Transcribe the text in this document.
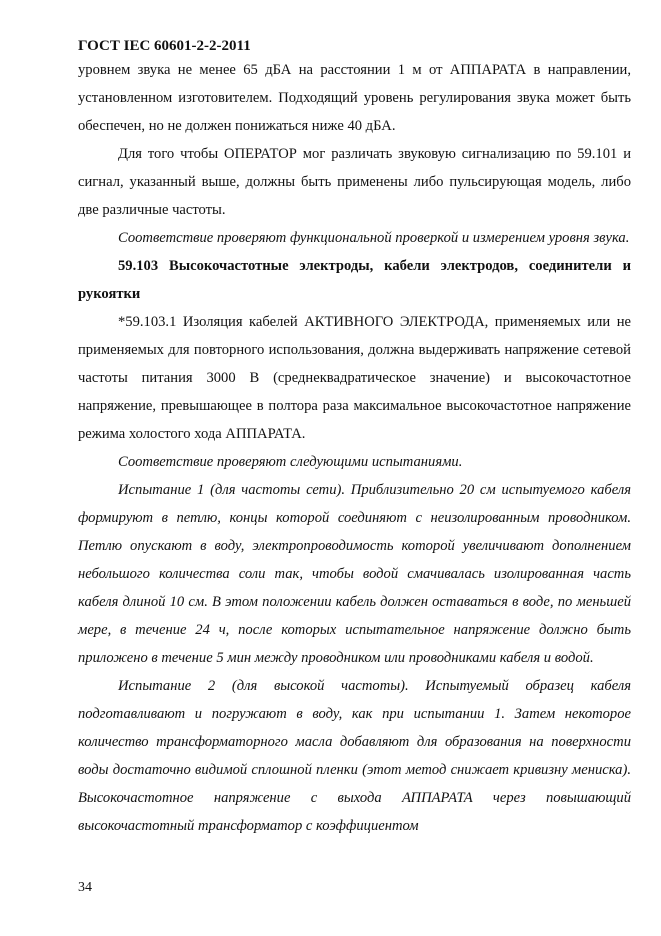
ГОСТ IEC 60601-2-2-2011

уровнем звука не менее 65 дБА на расстоянии 1 м от АППАРАТА в направлении, установленном изготовителем. Подходящий уровень регулирования звука может быть обеспечен, но не должен понижаться ниже 40 дБА.

Для того чтобы ОПЕРАТОР мог различать звуковую сигнализацию по 59.101 и сигнал, указанный выше, должны быть применены либо пульсирующая модель, либо две различные частоты.

Соответствие проверяют функциональной проверкой и измерением уровня звука.

59.103 Высокочастотные электроды, кабели электродов, соединители и рукоятки

*59.103.1 Изоляция кабелей АКТИВНОГО ЭЛЕКТРОДА, применяемых или не применяемых для повторного использования, должна выдерживать напряжение сетевой частоты питания 3000 В (среднеквадратическое значение) и высокочастотное напряжение, превышающее в полтора раза максимальное высокочастотное напряжение режима холостого хода АППАРАТА.

Соответствие проверяют следующими испытаниями.

Испытание 1 (для частоты сети). Приблизительно 20 см испытуемого кабеля формируют в петлю, концы которой соединяют с неизолированным проводником. Петлю опускают в воду, электропроводимость которой увеличивают дополнением небольшого количества соли так, чтобы водой смачивалась изолированная часть кабеля длиной 10 см. В этом положении кабель должен оставаться в воде, по меньшей мере, в течение 24 ч, после которых испытательное напряжение должно быть приложено в течение 5 мин между проводником или проводниками кабеля и водой.

Испытание 2 (для высокой частоты). Испытуемый образец кабеля подготавливают и погружают в воду, как при испытании 1. Затем некоторое количество трансформаторного масла добавляют для образования на поверхности воды достаточно видимой сплошной пленки (этот метод снижает кривизну мениска). Высокочастотное напряжение с выхода АППАРАТА через повышающий высокочастотный трансформатор с коэффициентом

34
